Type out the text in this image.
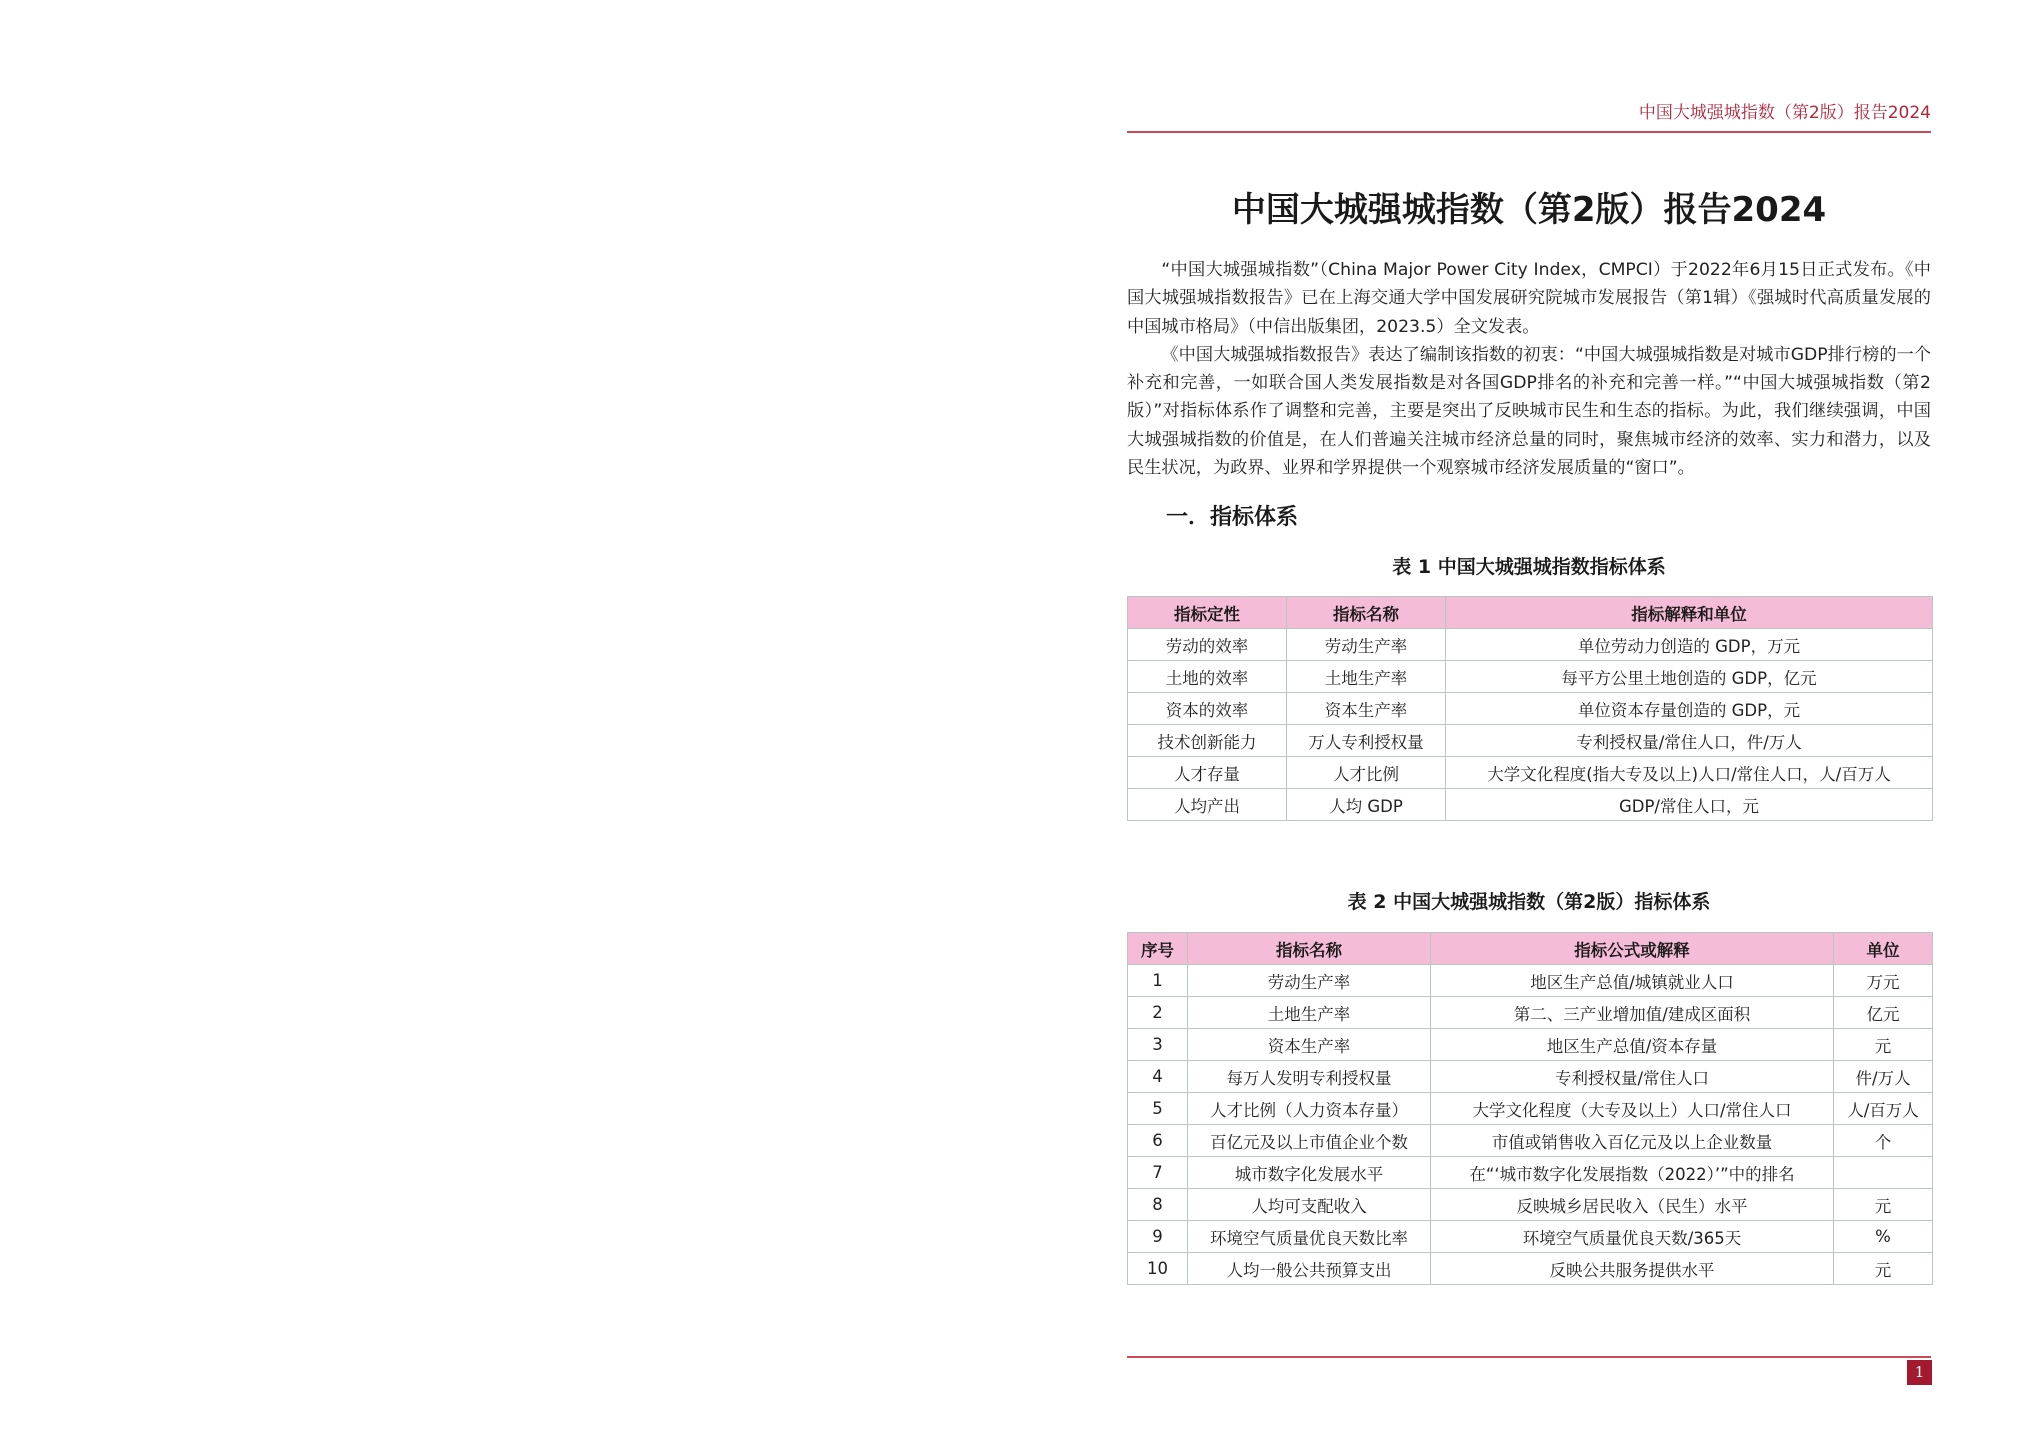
中国大城强城指数（第2版）报告2024
中国大城强城指数（第2版）报告2024

“中国大城强城指数”（China Major Power City Index，CMPCI）于2022年6月15日正式发布。《中国大城强城指数报告》已在上海交通大学中国发展研究院城市发展报告（第1辑）《强城时代高质量发展的中国城市格局》（中信出版集团，2023.5）全文发表。

《中国大城强城指数报告》表达了编制该指数的初衷：“中国大城强城指数是对城市GDP排行榜的一个补充和完善，一如联合国人类发展指数是对各国GDP排名的补充和完善一样。”“中国大城强城指数（第2版）”对指标体系作了调整和完善，主要是突出了反映城市民生和生态的指标。为此，我们继续强调，中国大城强城指数的价值是，在人们普遍关注城市经济总量的同时，聚焦城市经济的效率、实力和潜力，以及民生状况，为政界、业界和学界提供一个观察城市经济发展质量的“窗口”。

一．指标体系
表 1 中国大城强城指数指标体系
指标定性	指标名称	指标解释和单位
劳动的效率	劳动生产率	单位劳动力创造的 GDP，万元
土地的效率	土地生产率	每平方公里土地创造的 GDP，亿元
资本的效率	资本生产率	单位资本存量创造的 GDP，元
技术创新能力	万人专利授权量	专利授权量/常住人口，件/万人
人才存量	人才比例	大学文化程度(指大专及以上)人口/常住人口，人/百万人
人均产出	人均 GDP	GDP/常住人口，元
表 2 中国大城强城指数（第2版）指标体系
序号	指标名称	指标公式或解释	单位
1	劳动生产率	地区生产总值/城镇就业人口	万元
2	土地生产率	第二、三产业增加值/建成区面积	亿元
3	资本生产率	地区生产总值/资本存量	元
4	每万人发明专利授权量	专利授权量/常住人口	件/万人
5	人才比例（人力资本存量）	大学文化程度（大专及以上）人口/常住人口	人/百万人
6	百亿元及以上市值企业个数	市值或销售收入百亿元及以上企业数量	个
7	城市数字化发展水平	在“‘城市数字化发展指数（2022）’”中的排名	
8	人均可支配收入	反映城乡居民收入（民生）水平	元
9	环境空气质量优良天数比率	环境空气质量优良天数/365天	%
10	人均一般公共预算支出	反映公共服务提供水平	元
1
